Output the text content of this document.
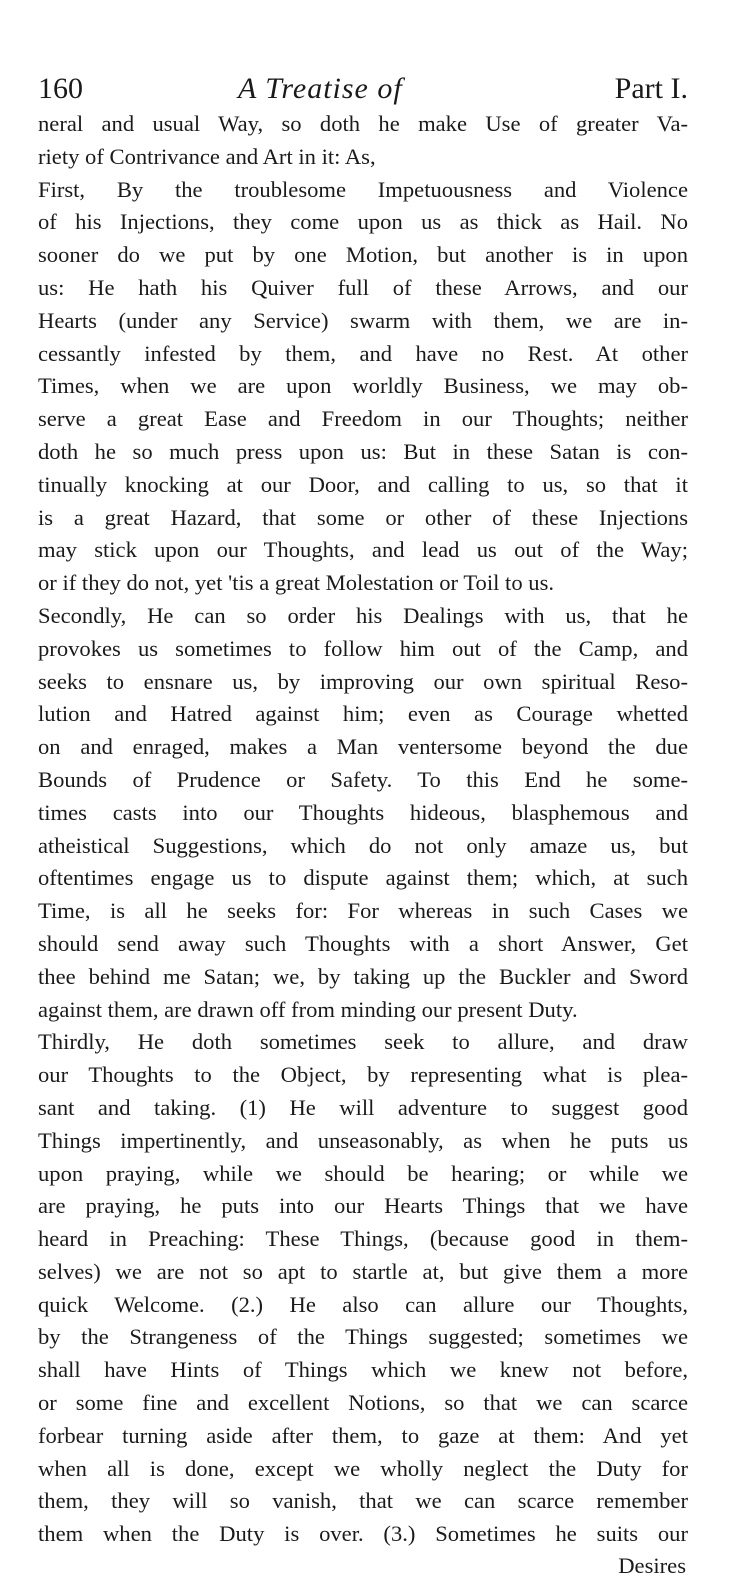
160	A Treatise of	Part I.
neral and usual Way, so doth he make Use of greater Va-
riety of Contrivance and Art in it: As,
First, By the troublesome Impetuousness and Violence
of his Injections, they come upon us as thick as Hail. No
sooner do we put by one Motion, but another is in upon
us: He hath his Quiver full of these Arrows, and our
Hearts (under any Service) swarm with them, we are in-
cessantly infested by them, and have no Rest. At other
Times, when we are upon worldly Business, we may ob-
serve a great Ease and Freedom in our Thoughts; neither
doth he so much press upon us: But in these Satan is con-
tinually knocking at our Door, and calling to us, so that it
is a great Hazard, that some or other of these Injections
may stick upon our Thoughts, and lead us out of the Way;
or if they do not, yet 'tis a great Molestation or Toil to us.
Secondly, He can so order his Dealings with us, that he
provokes us sometimes to follow him out of the Camp, and
seeks to ensnare us, by improving our own spiritual Reso-
lution and Hatred against him; even as Courage whetted
on and enraged, makes a Man ventersome beyond the due
Bounds of Prudence or Safety. To this End he some-
times casts into our Thoughts hideous, blasphemous and
atheistical Suggestions, which do not only amaze us, but
oftentimes engage us to dispute against them; which, at such
Time, is all he seeks for: For whereas in such Cases we
should send away such Thoughts with a short Answer, Get
thee behind me Satan; we, by taking up the Buckler and Sword
against them, are drawn off from minding our present Duty.
Thirdly, He doth sometimes seek to allure, and draw
our Thoughts to the Object, by representing what is plea-
sant and taking. (1) He will adventure to suggest good
Things impertinently, and unseasonably, as when he puts us
upon praying, while we should be hearing; or while we
are praying, he puts into our Hearts Things that we have
heard in Preaching: These Things, (because good in them-
selves) we are not so apt to startle at, but give them a more
quick Welcome. (2.) He also can allure our Thoughts,
by the Strangeness of the Things suggested; sometimes we
shall have Hints of Things which we knew not before,
or some fine and excellent Notions, so that we can scarce
forbear turning aside after them, to gaze at them: And yet
when all is done, except we wholly neglect the Duty for
them, they will so vanish, that we can scarce remember
them when the Duty is over. (3.) Sometimes he suits our
Desires
